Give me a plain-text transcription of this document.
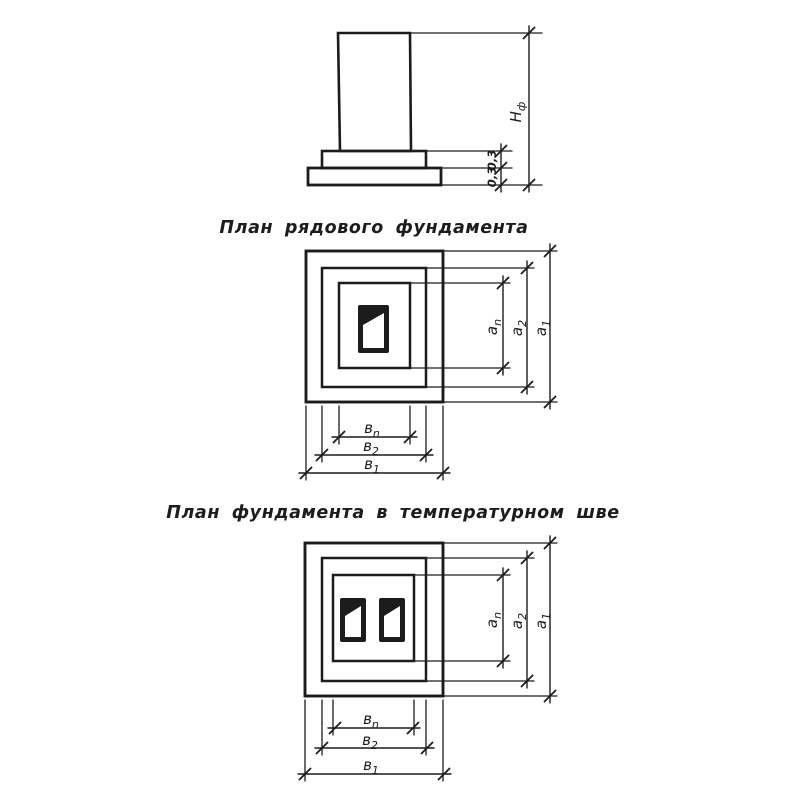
$Н_ф$
0,3
0,3
План рядового фундамента
$а_n$
$а_2$
$а_1$
$в_n$
$в_2$
$в_1$
План фундамента в температурном шве
$а_n$
$а_2$
$а_1$
$в_n$
$в_2$
$в_1$
